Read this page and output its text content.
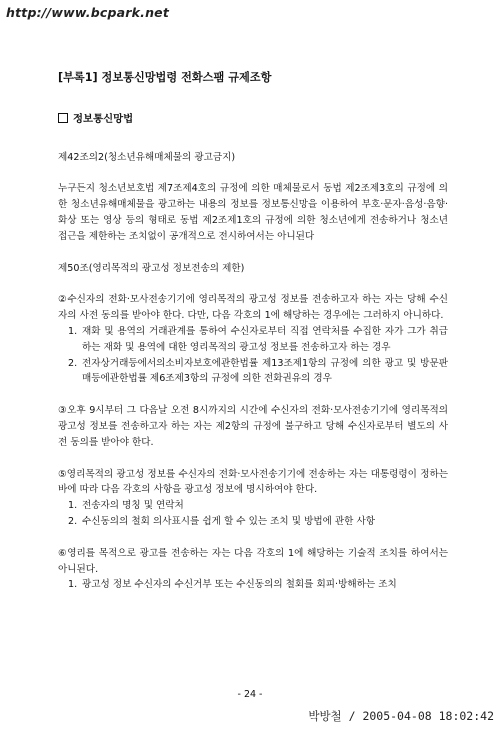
http://www.bcpark.net
[부록1] 정보통신망법령 전화스팸 규제조항
정보통신망법
제42조의2(청소년유해매체물의 광고금지)
누구든지 청소년보호법 제7조제4호의 규정에 의한 매체물로서 동법 제2조제3호의 규정에 의한 청소년유해매체물을 광고하는 내용의 정보를 정보통신망을 이용하여 부호·문자·음성·음향·화상 또는 영상 등의 형태로 동법 제2조제1호의 규정에 의한 청소년에게 전송하거나 청소년 접근을 제한하는 조치없이 공개적으로 전시하여서는 아니된다
제50조(영리목적의 광고성 정보전송의 제한)
②수신자의 전화·모사전송기기에 영리목적의 광고성 정보를 전송하고자 하는 자는 당해 수신자의 사전 동의를 받아야 한다. 다만, 다음 각호의 1에 해당하는 경우에는 그러하지 아니하다.
1. 재화 및 용역의 거래관계를 통하여 수신자로부터 직접 연락처를 수집한 자가 그가 취급하는 재화 및 용역에 대한 영리목적의 광고성 정보를 전송하고자 하는 경우
2. 전자상거래등에서의소비자보호에관한법률 제13조제1항의 규정에 의한 광고 및 방문판매등에관한법률 제6조제3항의 규정에 의한 전화권유의 경우
③오후 9시부터 그 다음날 오전 8시까지의 시간에 수신자의 전화·모사전송기기에 영리목적의 광고성 정보를 전송하고자 하는 자는 제2항의 규정에 불구하고 당해 수신자로부터 별도의 사전 동의를 받아야 한다.
⑤영리목적의 광고성 정보를 수신자의 전화·모사전송기기에 전송하는 자는 대통령령이 정하는 바에 따라 다음 각호의 사항을 광고성 정보에 명시하여야 한다.
1. 전송자의 명칭 및 연락처
2. 수신동의의 철회 의사표시를 쉽게 할 수 있는 조치 및 방법에 관한 사항
⑥영리를 목적으로 광고를 전송하는 자는 다음 각호의 1에 해당하는 기술적 조치를 하여서는 아니된다.
1. 광고성 정보 수신자의 수신거부 또는 수신동의의 철회를 회피·방해하는 조치
- 24 -
박방철 / 2005-04-08 18:02:42
